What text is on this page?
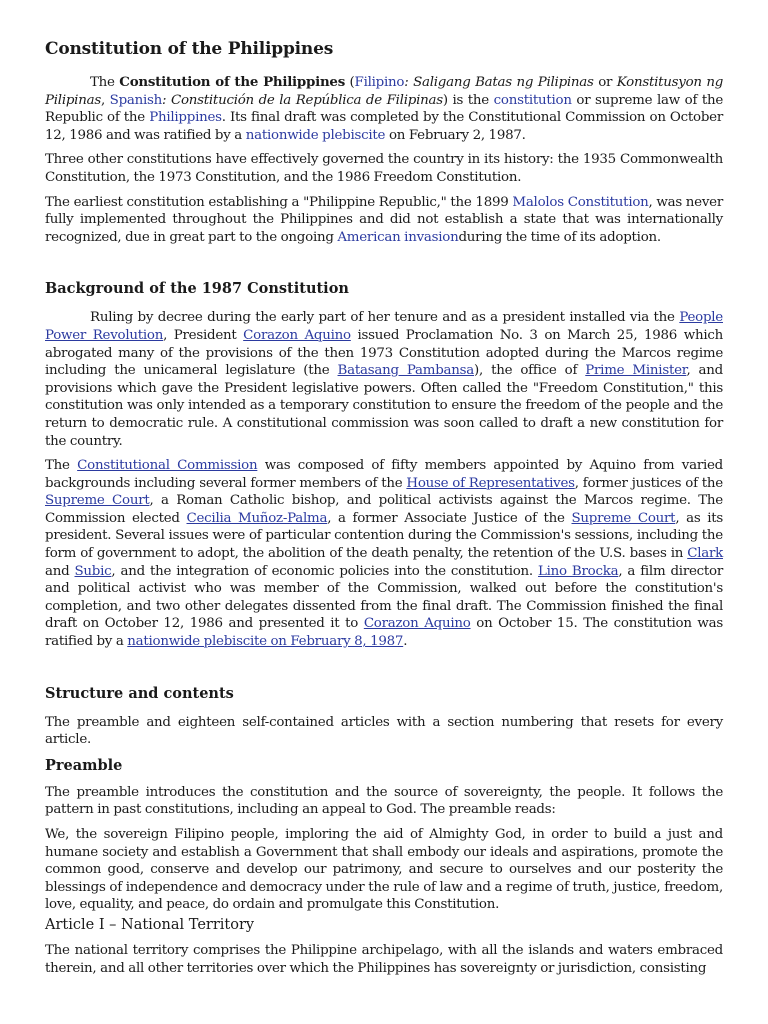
Constitution of the Philippines

The Constitution of the Philippines (Filipino: Saligang Batas ng Pilipinas or Konstitusyon ng Pilipinas, Spanish: Constitución de la República de Filipinas) is the constitution or supreme law of the Republic of the Philippines. Its final draft was completed by the Constitutional Commission on October 12, 1986 and was ratified by a nationwide plebiscite on February 2, 1987.

Three other constitutions have effectively governed the country in its history: the 1935 Commonwealth Constitution, the 1973 Constitution, and the 1986 Freedom Constitution.

The earliest constitution establishing a "Philippine Republic," the 1899 Malolos Constitution, was never fully implemented throughout the Philippines and did not establish a state that was internationally recognized, due in great part to the ongoing American invasionduring the time of its adoption.

Background of the 1987 Constitution

Ruling by decree during the early part of her tenure and as a president installed via the People Power Revolution, President Corazon Aquino issued Proclamation No. 3 on March 25, 1986 which abrogated many of the provisions of the then 1973 Constitution adopted during the Marcos regime including the unicameral legislature (the Batasang Pambansa), the office of Prime Minister, and provisions which gave the President legislative powers. Often called the "Freedom Constitution," this constitution was only intended as a temporary constitution to ensure the freedom of the people and the return to democratic rule. A constitutional commission was soon called to draft a new constitution for the country.

The Constitutional Commission was composed of fifty members appointed by Aquino from varied backgrounds including several former members of the House of Representatives, former justices of the Supreme Court, a Roman Catholic bishop, and political activists against the Marcos regime. The Commission elected Cecilia Muñoz-Palma, a former Associate Justice of the Supreme Court, as its president. Several issues were of particular contention during the Commission's sessions, including the form of government to adopt, the abolition of the death penalty, the retention of the U.S. bases in Clark and Subic, and the integration of economic policies into the constitution. Lino Brocka, a film director and political activist who was member of the Commission, walked out before the constitution's completion, and two other delegates dissented from the final draft. The Commission finished the final draft on October 12, 1986 and presented it to Corazon Aquino on October 15. The constitution was ratified by a nationwide plebiscite on February 8, 1987.

Structure and contents

The preamble and eighteen self-contained articles with a section numbering that resets for every article.

Preamble

The preamble introduces the constitution and the source of sovereignty, the people. It follows the pattern in past constitutions, including an appeal to God. The preamble reads:

We, the sovereign Filipino people, imploring the aid of Almighty God, in order to build a just and humane society and establish a Government that shall embody our ideals and aspirations, promote the common good, conserve and develop our patrimony, and secure to ourselves and our posterity the blessings of independence and democracy under the rule of law and a regime of truth, justice, freedom, love, equality, and peace, do ordain and promulgate this Constitution.

Article I – National Territory

The national territory comprises the Philippine archipelago, with all the islands and waters embraced therein, and all other territories over which the Philippines has sovereignty or jurisdiction, consisting
